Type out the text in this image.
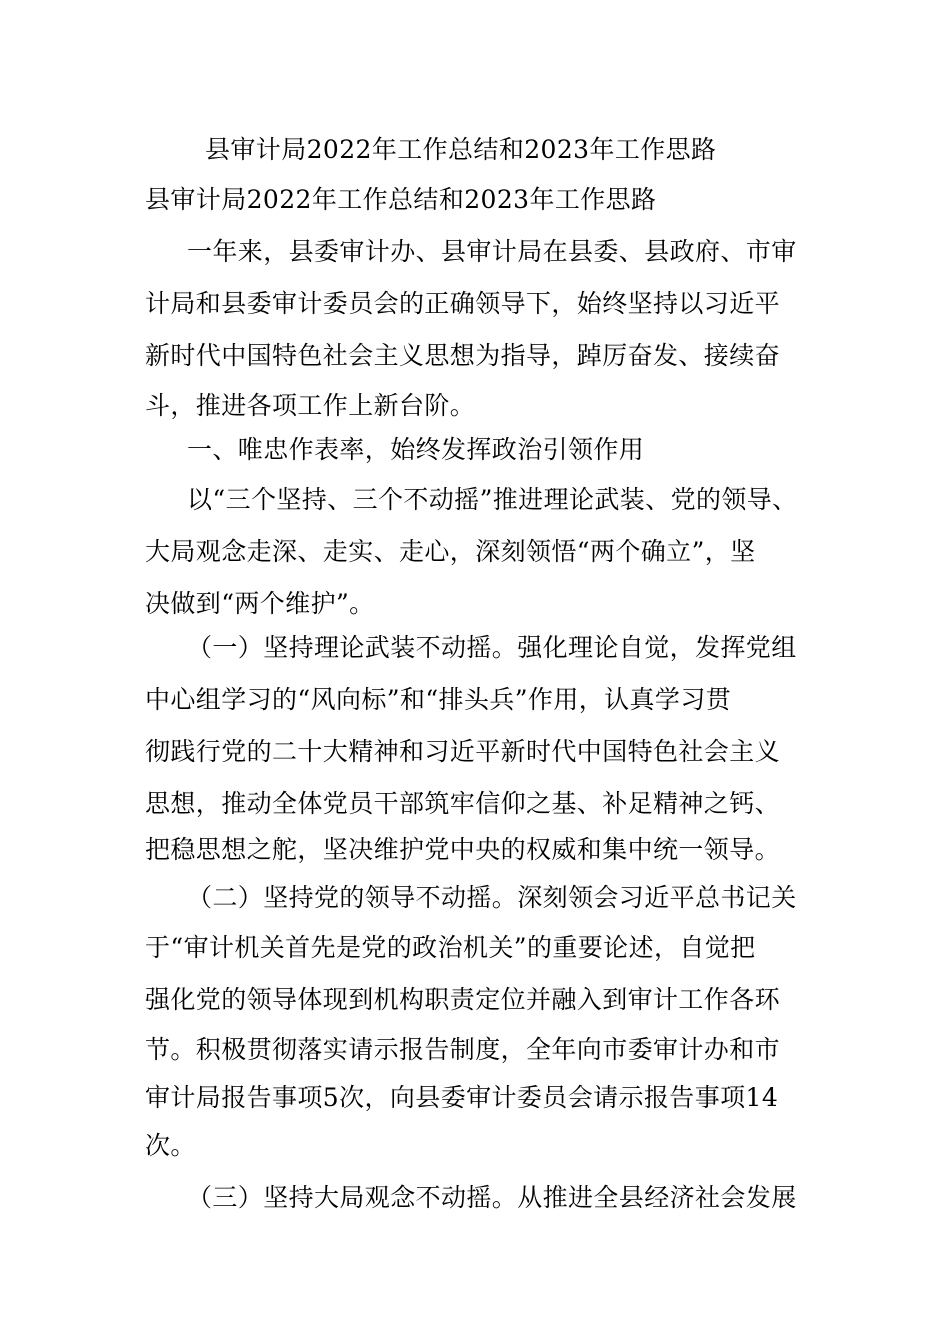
县审计局2022年工作总结和2023年工作思路
县审计局2022年工作总结和2023年工作思路
一年来，县委审计办、县审计局在县委、县政府、市审
计局和县委审计委员会的正确领导下，始终坚持以习近平
新时代中国特色社会主义思想为指导，踔厉奋发、接续奋
斗，推进各项工作上新台阶。
一、唯忠作表率，始终发挥政治引领作用
以“三个坚持、三个不动摇”推进理论武装、党的领导、
大局观念走深、走实、走心，深刻领悟“两个确立”，坚
决做到“两个维护”。
（一）坚持理论武装不动摇。强化理论自觉，发挥党组
中心组学习的“风向标”和“排头兵”作用，认真学习贯
彻践行党的二十大精神和习近平新时代中国特色社会主义
思想，推动全体党员干部筑牢信仰之基、补足精神之钙、
把稳思想之舵，坚决维护党中央的权威和集中统一领导。
（二）坚持党的领导不动摇。深刻领会习近平总书记关
于“审计机关首先是党的政治机关”的重要论述，自觉把
强化党的领导体现到机构职责定位并融入到审计工作各环
节。积极贯彻落实请示报告制度，全年向市委审计办和市
审计局报告事项5次，向县委审计委员会请示报告事项14
次。
（三）坚持大局观念不动摇。从推进全县经济社会发展
